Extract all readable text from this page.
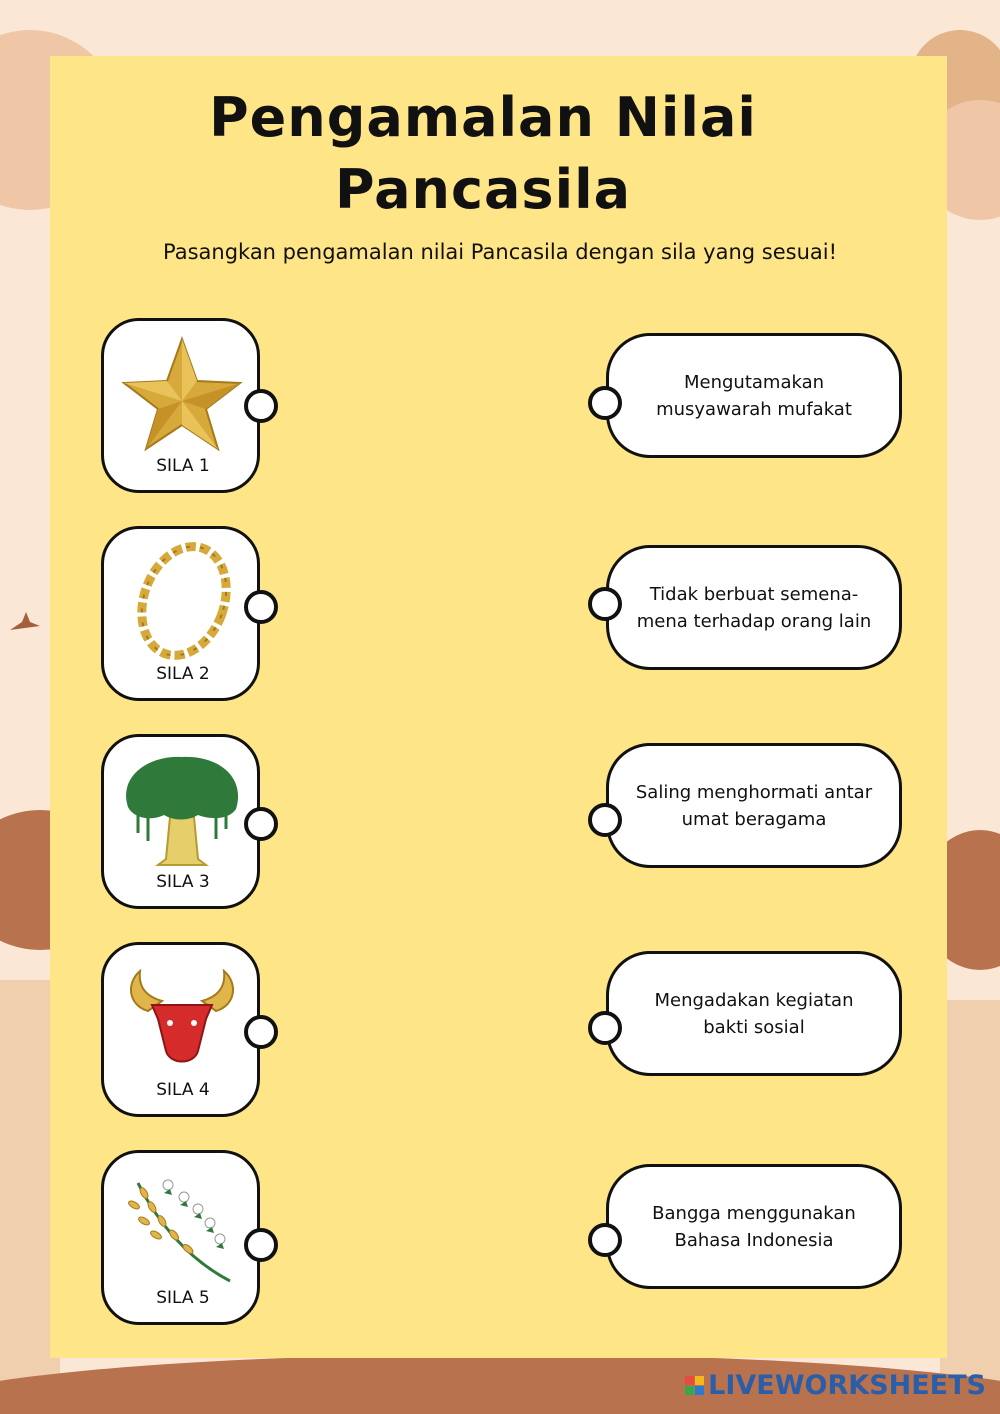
Pengamalan Nilai
Pancasila
Pasangkan pengamalan nilai Pancasila dengan sila yang sesuai!
SILA 1
SILA 2
SILA 3
SILA 4
SILA 5
Mengutamakan
musyawarah mufakat
Tidak berbuat semena-
mena terhadap orang lain
Saling menghormati antar
umat beragama
Mengadakan kegiatan
bakti sosial
Bangga menggunakan
Bahasa Indonesia
LIVEWORKSHEETS
